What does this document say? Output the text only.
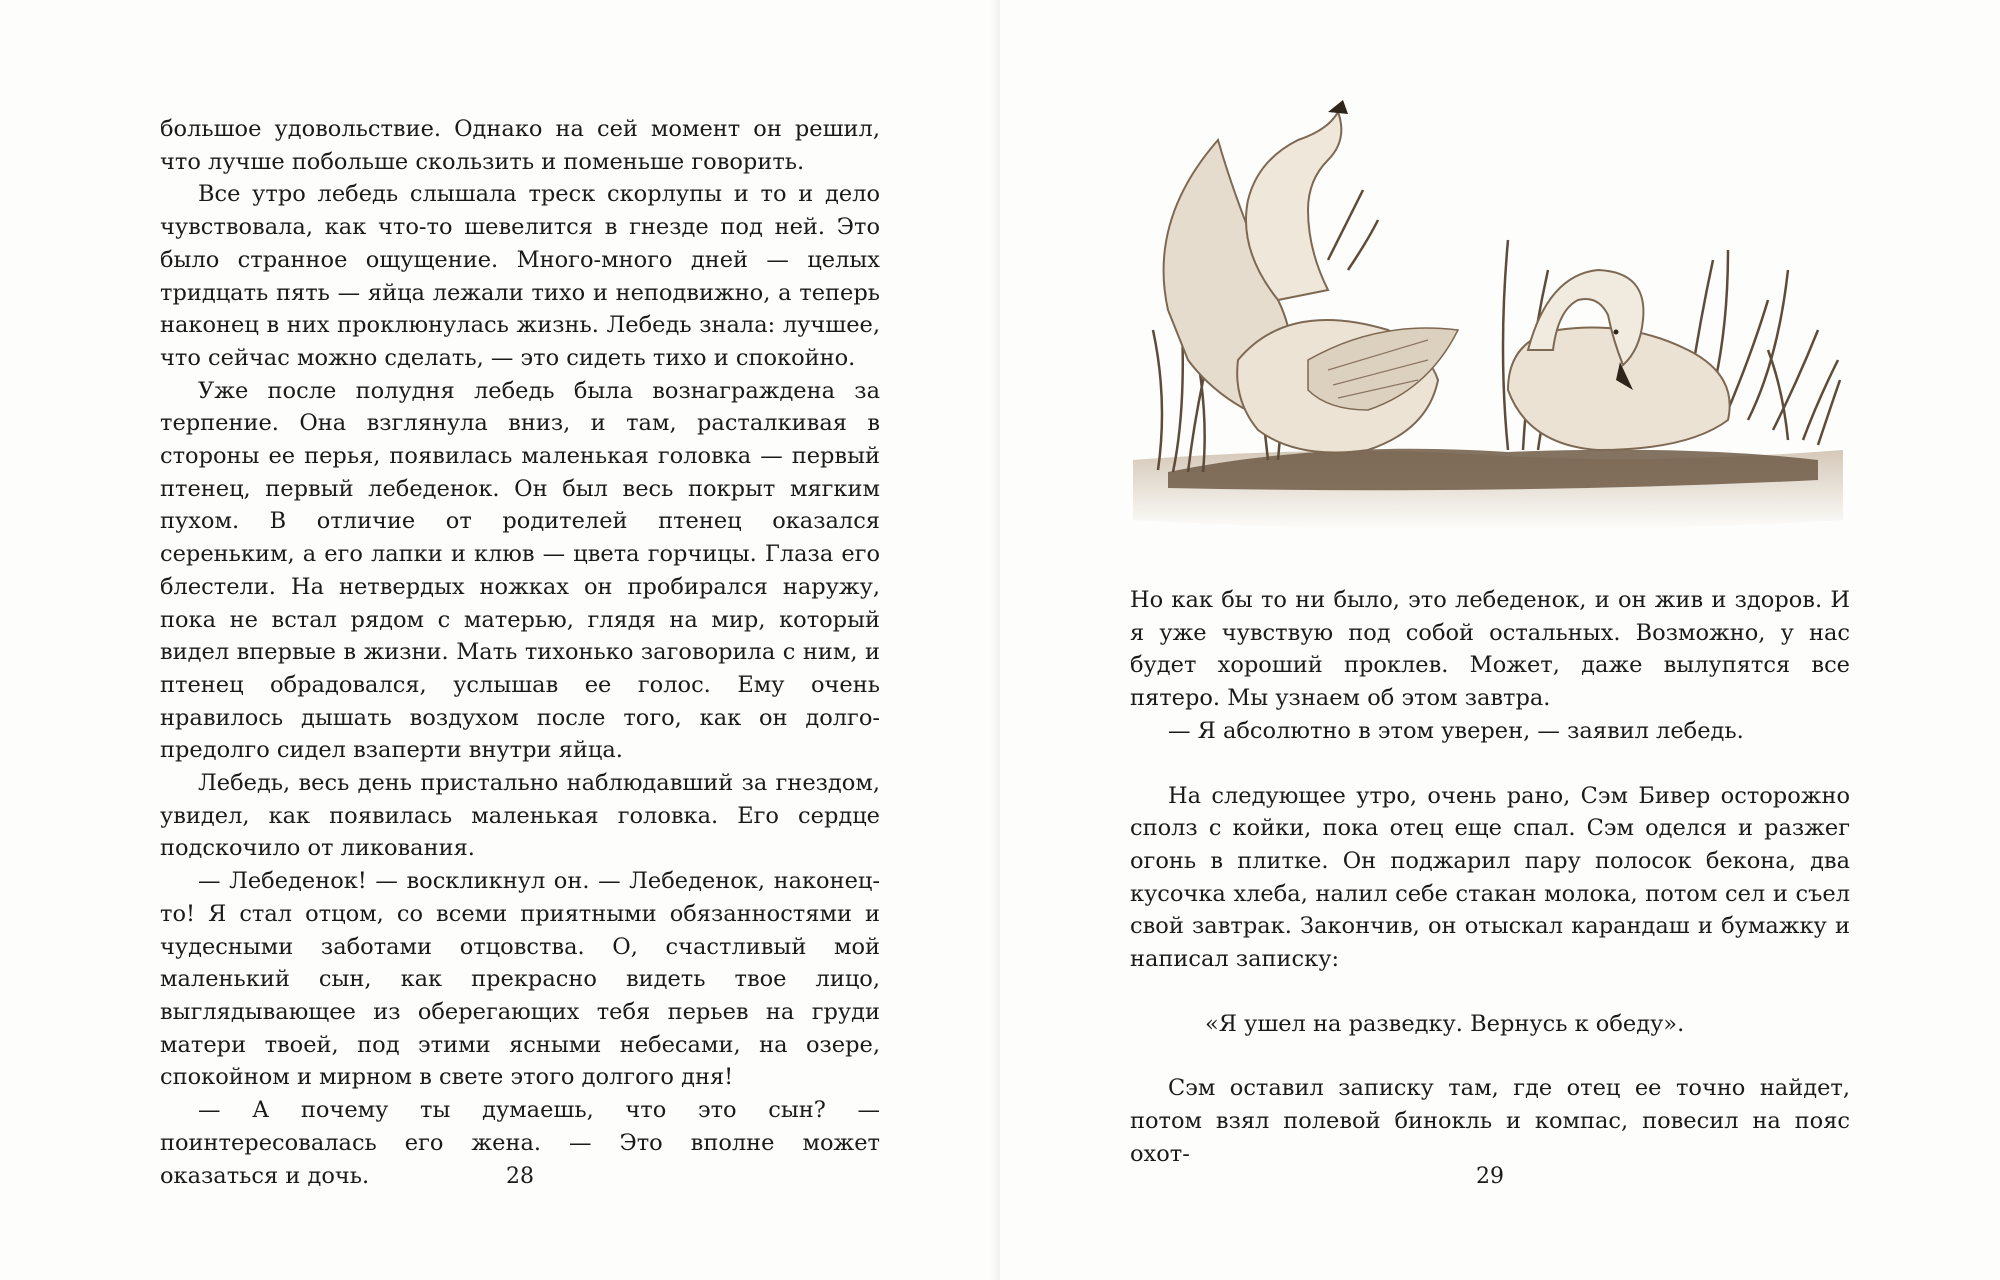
большое удовольствие. Однако на сей момент он решил, что лучше побольше скользить и поменьше говорить.

Все утро лебедь слышала треск скорлупы и то и дело чувствовала, как что-то шевелится в гнезде под ней. Это было странное ощущение. Много-много дней — целых тридцать пять — яйца лежали тихо и неподвижно, а теперь наконец в них проклюнулась жизнь. Лебедь знала: лучшее, что сейчас можно сделать, — это сидеть тихо и спокойно.

Уже после полудня лебедь была вознаграждена за терпение. Она взглянула вниз, и там, расталкивая в стороны ее перья, появилась маленькая головка — первый птенец, первый лебеденок. Он был весь покрыт мягким пухом. В отличие от родителей птенец оказался сереньким, а его лапки и клюв — цвета горчицы. Глаза его блестели. На нетвердых ножках он пробирался наружу, пока не встал рядом с матерью, глядя на мир, который видел впервые в жизни. Мать тихонько заговорила с ним, и птенец обрадовался, услышав ее голос. Ему очень нравилось дышать воздухом после того, как он долго-предолго сидел взаперти внутри яйца.

Лебедь, весь день пристально наблюдавший за гнездом, увидел, как появилась маленькая головка. Его сердце подскочило от ликования.

— Лебеденок! — воскликнул он. — Лебеденок, наконец-то! Я стал отцом, со всеми приятными обязанностями и чудесными заботами отцовства. О, счастливый мой маленький сын, как прекрасно видеть твое лицо, выглядывающее из оберегающих тебя перьев на груди матери твоей, под этими ясными небесами, на озере, спокойном и мирном в свете этого долгого дня!

— А почему ты думаешь, что это сын? — поинтересовалась его жена. — Это вполне может оказаться и дочь.	28	29

Но как бы то ни было, это лебеденок, и он жив и здоров. И я уже чувствую под собой остальных. Возможно, у нас будет хороший проклев. Может, даже вылупятся все пятеро. Мы узнаем об этом завтра.

— Я абсолютно в этом уверен, — заявил лебедь.

На следующее утро, очень рано, Сэм Бивер осторожно сполз с койки, пока отец еще спал. Сэм оделся и разжег огонь в плитке. Он поджарил пару полосок бекона, два кусочка хлеба, налил себе стакан молока, потом сел и съел свой завтрак. Закончив, он отыскал карандаш и бумажку и написал записку:

«Я ушел на разведку. Вернусь к обеду».

Сэм оставил записку там, где отец ее точно найдет, потом взял полевой бинокль и компас, повесил на пояс охот-
